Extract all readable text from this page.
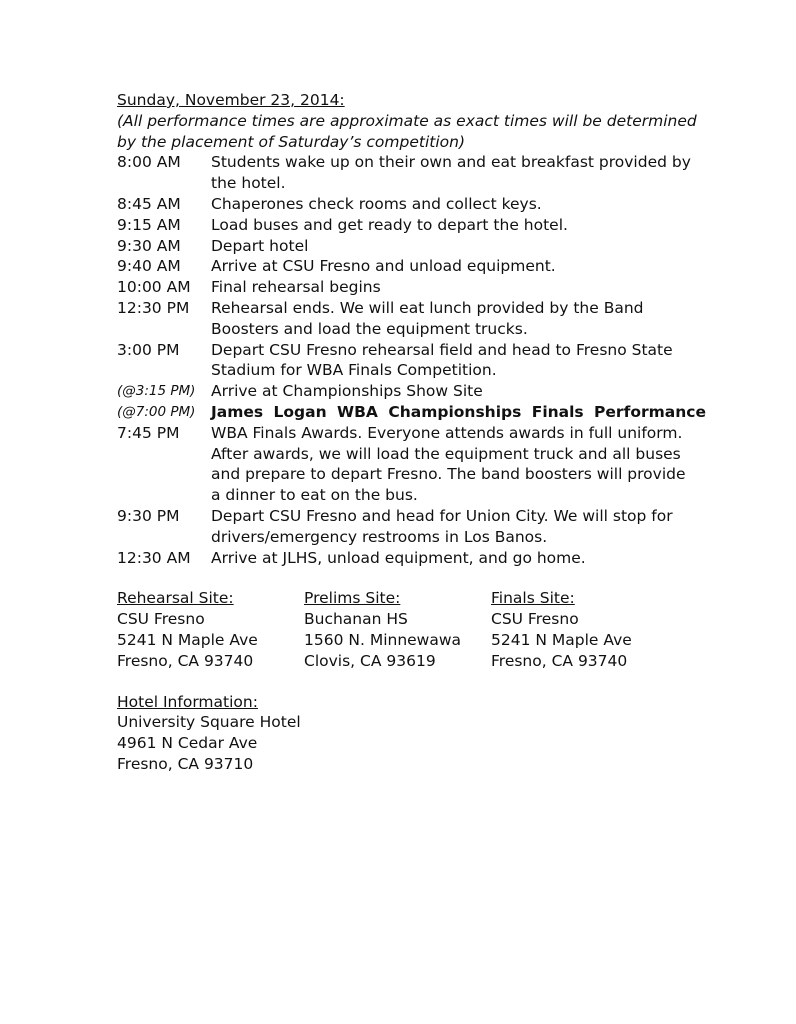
Sunday, November 23, 2014:

(All performance times are approximate as exact times will be determined by the placement of Saturday’s competition)

8:00 AM	Students wake up on their own and eat breakfast provided by the hotel.
8:45 AM	Chaperones check rooms and collect keys.
9:15 AM	Load buses and get ready to depart the hotel.
9:30 AM	Depart hotel
9:40 AM	Arrive at CSU Fresno and unload equipment.
10:00 AM	Final rehearsal begins
12:30 PM	Rehearsal ends. We will eat lunch provided by the Band Boosters and load the equipment trucks.
3:00 PM	Depart CSU Fresno rehearsal field and head to Fresno State Stadium for WBA Finals Competition.
(@3:15 PM)	Arrive at Championships Show Site
(@7:00 PM)	James Logan WBA Championships Finals Performance
7:45 PM	WBA Finals Awards. Everyone attends awards in full uniform. After awards, we will load the equipment truck and all buses and prepare to depart Fresno. The band boosters will provide a dinner to eat on the bus.
9:30 PM	Depart CSU Fresno and head for Union City. We will stop for drivers/emergency restrooms in Los Banos.
12:30 AM	Arrive at JLHS, unload equipment, and go home.
Rehearsal Site:
CSU Fresno
5241 N Maple Ave
Fresno, CA 93740
Prelims Site:
Buchanan HS
1560 N. Minnewawa
Clovis, CA 93619
Finals Site:
CSU Fresno
5241 N Maple Ave
Fresno, CA 93740
Hotel Information:
University Square Hotel
4961 N Cedar Ave
Fresno, CA 93710
